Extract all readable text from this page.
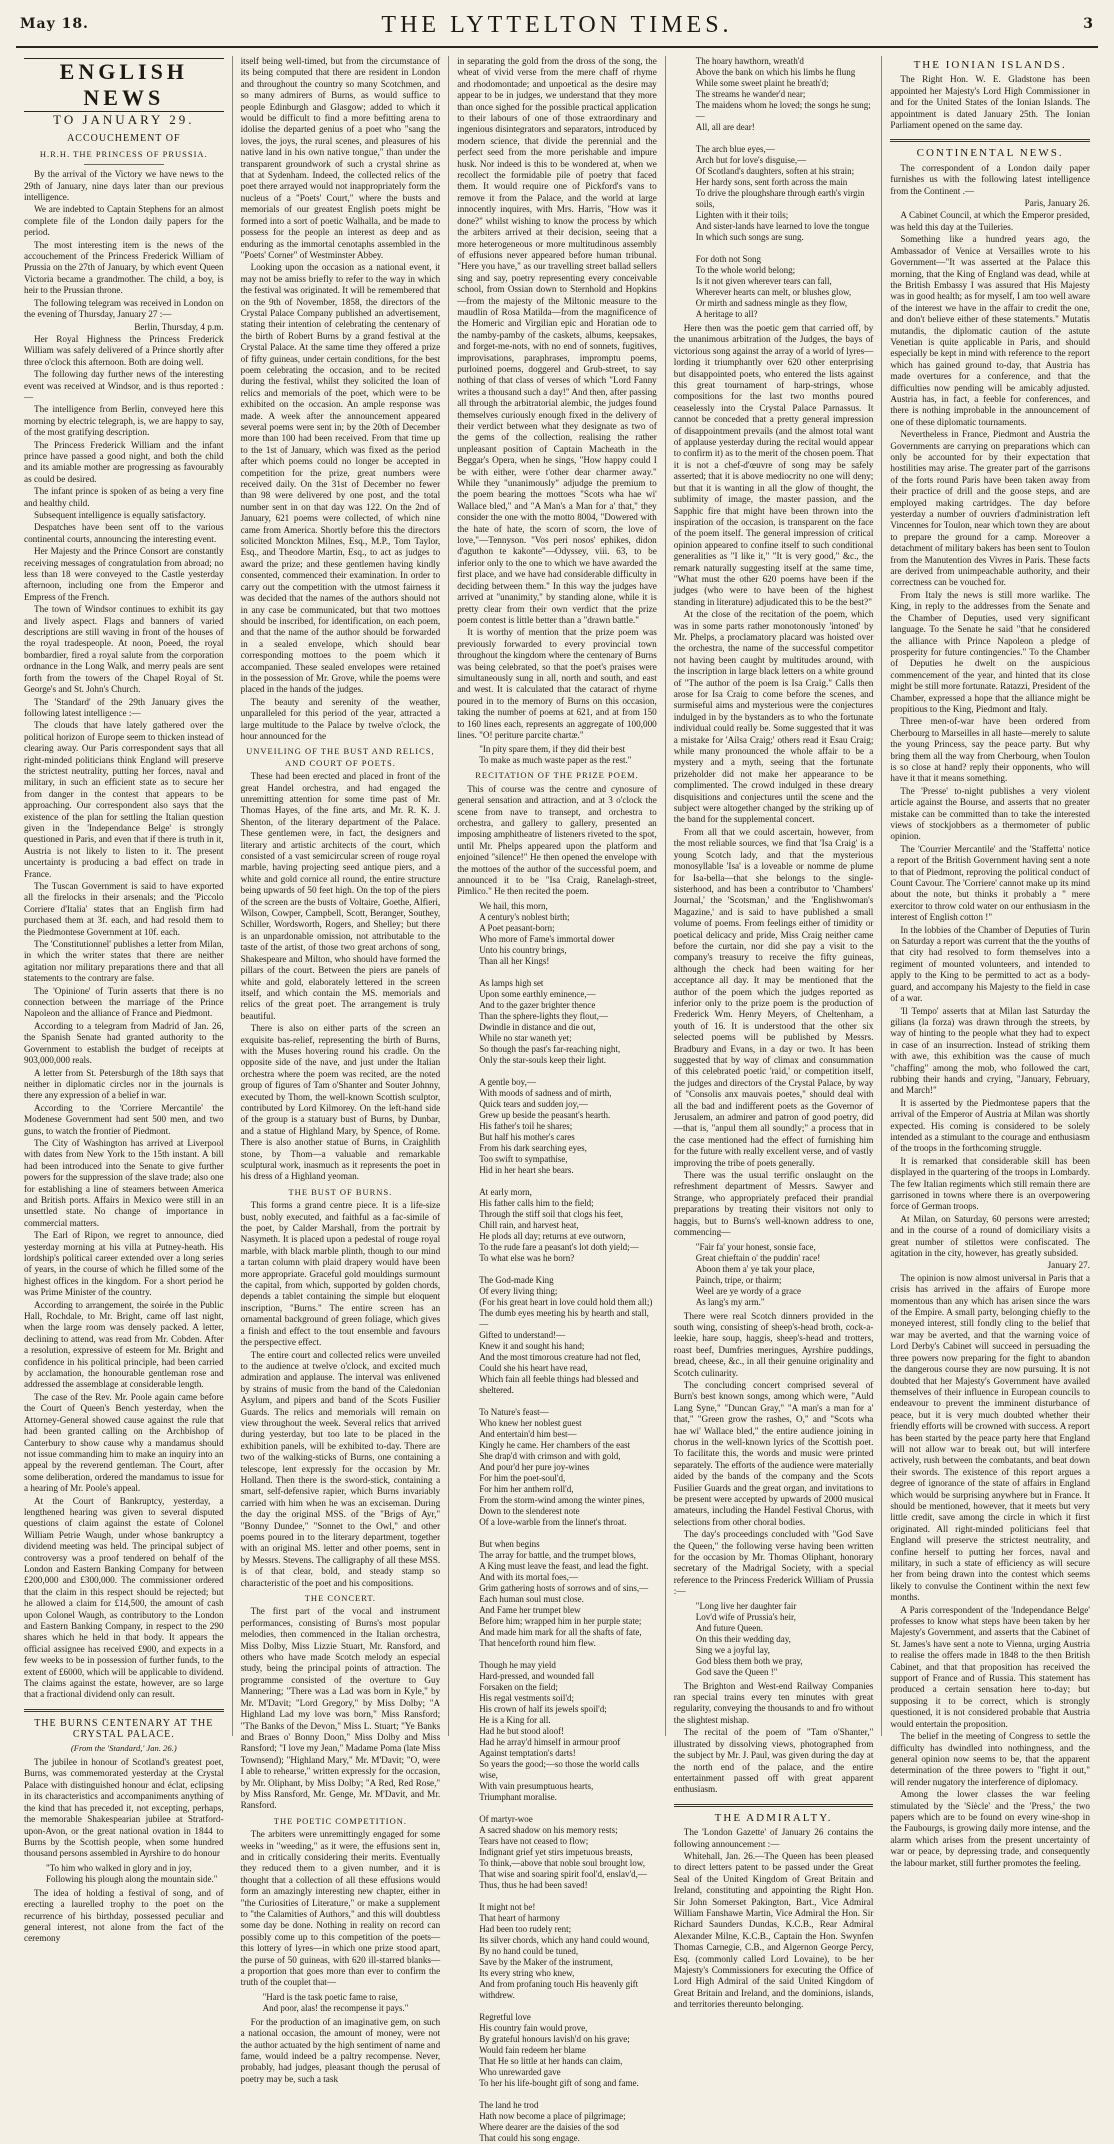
May 18.	THE LYTTELTON TIMES.	3
ENGLISH NEWS
TO JANUARY 29.
ACCOUCHEMENT OF
H.R.H. THE PRINCESS OF PRUSSIA.

By the arrival of the Victory we have news to the 29th of January, nine days later than our previous intelligence.

We are indebted to Captain Stephens for an almost complete file of the London daily papers for the period.

The most interesting item is the news of the accouchement of the Princess Frederick William of Prussia on the 27th of January, by which event Queen Victoria became a grandmother. The child, a boy, is heir to the Prussian throne.

The following telegram was received in London on the evening of Thursday, January 27 :—

Berlin, Thursday, 4 p.m.

Her Royal Highness the Princess Frederick William was safely delivered of a Prince shortly after three o'clock this afternoon. Both are doing well.

The following day further news of the interesting event was received at Windsor, and is thus reported :—

The intelligence from Berlin, conveyed here this morning by electric telegraph, is, we are happy to say, of the most gratifying description.

The Princess Frederick William and the infant prince have passed a good night, and both the child and its amiable mother are progressing as favourably as could be desired.

The infant prince is spoken of as being a very fine and healthy child.

Subsequent intelligence is equally satisfactory.

Despatches have been sent off to the various continental courts, announcing the interesting event.

Her Majesty and the Prince Consort are constantly receiving messages of congratulation from abroad; no less than 18 were conveyed to the Castle yesterday afternoon, including one from the Emperor and Empress of the French.

The town of Windsor continues to exhibit its gay and lively aspect. Flags and banners of varied descriptions are still waving in front of the houses of the royal tradespeople. At noon, Poeed, the royal bombardier, fired a royal salute from the corporation ordnance in the Long Walk, and merry peals are sent forth from the towers of the Chapel Royal of St. George's and St. John's Church.

The 'Standard' of the 29th January gives the following latest intelligence :—

The clouds that have lately gathered over the political horizon of Europe seem to thicken instead of clearing away. Our Paris correspondent says that all right-minded politicians think England will preserve the strictest neutrality, putting her forces, naval and military, in such an efficient state as to secure her from danger in the contest that appears to be approaching. Our correspondent also says that the existence of the plan for settling the Italian question given in the 'Independance Belge' is strongly questioned in Paris, and even that if there is truth in it, Austria is not likely to listen to it. The present uncertainty is producing a bad effect on trade in France.

The Tuscan Government is said to have exported all the firelocks in their arsenals; and the 'Piccolo Corriere d'Italia' states that an English firm had purchased them at 3f. each, and had resold them to the Piedmontese Government at 10f. each.

The 'Constitutionnel' publishes a letter from Milan, in which the writer states that there are neither agitation nor military preparations there and that all statements to the contrary are false.

The 'Opinione' of Turin asserts that there is no connection between the marriage of the Prince Napoleon and the alliance of France and Piedmont.

According to a telegram from Madrid of Jan. 26, the Spanish Senate had granted authority to the Government to establish the budget of receipts at 903,000,000 reals.

A letter from St. Petersburgh of the 18th says that neither in diplomatic circles nor in the journals is there any expression of a belief in war.

According to the 'Corriere Mercantile' the Modenese Government had sent 500 men, and two guns, to watch the frontier of Piedmont.

The City of Washington has arrived at Liverpool with dates from New York to the 15th instant. A bill had been introduced into the Senate to give further powers for the suppression of the slave trade; also one for establishing a line of steamers between America and British ports. Affairs in Mexico were still in an unsettled state. No change of importance in commercial matters.

The Earl of Ripon, we regret to announce, died yesterday morning at his villa at Putney-heath. His lordship's political career extended over a long series of years, in the course of which he filled some of the highest offices in the kingdom. For a short period he was Prime Minister of the country.

According to arrangement, the soirée in the Public Hall, Rochdale, to Mr. Bright, came off last night, when the large room was densely packed. A letter, declining to attend, was read from Mr. Cobden. After a resolution, expressive of esteem for Mr. Bright and confidence in his political principle, had been carried by acclamation, the honourable gentleman rose and addressed the assemblage at considerable length.

The case of the Rev. Mr. Poole again came before the Court of Queen's Bench yesterday, when the Attorney-General showed cause against the rule that had been granted calling on the Archbishop of Canterbury to show cause why a mandamus should not issue commanding him to make an inquiry into an appeal by the reverend gentleman. The Court, after some deliberation, ordered the mandamus to issue for a hearing of Mr. Poole's appeal.

At the Court of Bankruptcy, yesterday, a lengthened hearing was given to several disputed questions of claim against the estate of Colonel William Petrie Waugh, under whose bankruptcy a dividend meeting was held. The principal subject of controversy was a proof tendered on behalf of the London and Eastern Banking Company for between £200,000 and £300,000. The commissioner ordered that the claim in this respect should be rejected; but he allowed a claim for £14,500, the amount of cash upon Colonel Waugh, as contributory to the London and Eastern Banking Company, in respect to the 290 shares which he held in that body. It appears the official assignee has received £900, and expects in a few weeks to be in possession of further funds, to the extent of £6000, which will be applicable to dividend. The claims against the estate, however, are so large that a fractional dividend only can result.

THE BURNS CENTENARY AT THE CRYSTAL PALACE.
(From the 'Standard,' Jan. 26.)

The jubilee in honour of Scotland's greatest poet, Burns, was commemorated yesterday at the Crystal Palace with distinguished honour and éclat, eclipsing in its characteristics and accompaniments anything of the kind that has preceded it, not excepting, perhaps, the memorable Shakespearian jubilee at Stratford-upon-Avon, or the great national ovation in 1844 to Burns by the Scottish people, when some hundred thousand persons assembled in Ayrshire to do honour

"To him who walked in glory and in joy,
Following his plough along the mountain side."

The idea of holding a festival of song, and of erecting a laurelled trophy to the poet on the recurrence of his birthday, possessed peculiar and general interest, not alone from the fact of the ceremony

itself being well-timed, but from the circumstance of its being computed that there are resident in London and throughout the country so many Scotchmen, and so many admirers of Burns, as would suffice to people Edinburgh and Glasgow; added to which it would be difficult to find a more befitting arena to idolise the departed genius of a poet who "sang the loves, the joys, the rural scenes, and pleasures of his native land in his own native tongue," than under the transparent groundwork of such a crystal shrine as that at Sydenham. Indeed, the collected relics of the poet there arrayed would not inappropriately form the nucleus of a "Poets' Court," where the busts and memorials of our greatest English poets might be formed into a sort of poetic Walhalla, and be made to possess for the people an interest as deep and as enduring as the immortal cenotaphs assembled in the "Poets' Corner" of Westminster Abbey.

Looking upon the occasion as a national event, it may not be amiss briefly to refer to the way in which the festival was originated. It will be remembered that on the 9th of November, 1858, the directors of the Crystal Palace Company published an advertisement, stating their intention of celebrating the centenary of the birth of Robert Burns by a grand festival at the Crystal Palace. At the same time they offered a prize of fifty guineas, under certain conditions, for the best poem celebrating the occasion, and to be recited during the festival, whilst they solicited the loan of relics and memorials of the poet, which were to be exhibited on the occasion. An ample response was made. A week after the announcement appeared several poems were sent in; by the 20th of December more than 100 had been received. From that time up to the 1st of January, which was fixed as the period after which poems could no longer be accepted in competition for the prize, great numbers were received daily. On the 31st of December no fewer than 98 were delivered by one post, and the total number sent in on that day was 122. On the 2nd of January, 621 poems were collected, of which nine came from America. Shortly before this the directors solicited Monckton Milnes, Esq., M.P., Tom Taylor, Esq., and Theodore Martin, Esq., to act as judges to award the prize; and these gentlemen having kindly consented, commenced their examination. In order to carry out the competition with the utmost fairness it was decided that the names of the authors should not in any case be communicated, but that two mottoes should be inscribed, for identification, on each poem, and that the name of the author should be forwarded in a sealed envelope, which should bear corresponding mottoes to the poem which it accompanied. These sealed envelopes were retained in the possession of Mr. Grove, while the poems were placed in the hands of the judges.

The beauty and serenity of the weather, unparalleled for this period of the year, attracted a large multitude to the Palace by twelve o'clock, the hour announced for the

UNVEILING OF THE BUST AND RELICS, AND COURT OF POETS.

These had been erected and placed in front of the great Handel orchestra, and had engaged the unremitting attention for some time past of Mr. Thomas Hayes, of the fine arts, and Mr. R. K. J. Shenton, of the literary department of the Palace. These gentlemen were, in fact, the designers and literary and artistic architects of the court, which consisted of a vast semicircular screen of rouge royal marble, having projecting seed antique piers, and a white and gold cornice all round, the entire structure being upwards of 50 feet high. On the top of the piers of the screen are the busts of Voltaire, Goethe, Alfieri, Wilson, Cowper, Campbell, Scott, Beranger, Southey, Schiller, Wordsworth, Rogers, and Shelley; but there is an unpardonable omission, not attributable to the taste of the artist, of those two great archons of song, Shakespeare and Milton, who should have formed the pillars of the court. Between the piers are panels of white and gold, elaborately lettered in the screen itself, and which contain the MS. memorials and relics of the great poet. The arrangement is truly beautiful.

There is also on either parts of the screen an exquisite bas-relief, representing the birth of Burns, with the Muses hovering round his cradle. On the opposite side of the nave, and just under the Italian orchestra where the poem was recited, are the noted group of figures of Tam o'Shanter and Souter Johnny, executed by Thom, the well-known Scottish sculptor, contributed by Lord Kilmorey. On the left-hand side of the group is a statuary bust of Burns, by Dunbar, and a statue of Highland Mary, by Spence, of Rome. There is also another statue of Burns, in Craighlith stone, by Thom—a valuable and remarkable sculptural work, inasmuch as it represents the poet in his dress of a Highland yeoman.

THE BUST OF BURNS.

This forms a grand centre piece. It is a life-size bust, nobly executed, and faithful as a fac-simile of the poet, by Calder Marshall, from the portrait by Nasymeth. It is placed upon a pedestal of rouge royal marble, with black marble plinth, though to our mind a tartan column with plaid drapery would have been more appropriate. Graceful gold mouldings surmount the capital, from which, supported by golden chords, depends a tablet containing the simple but eloquent inscription, "Burns." The entire screen has an ornamental background of green foliage, which gives a finish and effect to the tout ensemble and favours the perspective effect.

The entire court and collected relics were unveiled to the audience at twelve o'clock, and excited much admiration and applause. The interval was enlivened by strains of music from the band of the Caledonian Asylum, and pipers and band of the Scots Fusilier Guards. The relics and memorials will remain on view throughout the week. Several relics that arrived during yesterday, but too late to be placed in the exhibition panels, will be exhibited to-day. There are two of the walking-sticks of Burns, one containing a telescope, lent expressly for the occasion by Mr. Holland. Then there is the sword-stick, containing a smart, self-defensive rapier, which Burns invariably carried with him when he was an exciseman. During the day the original MSS. of the "Brigs of Ayr," "Bonny Dundee," "Sonnet to the Owl," and other poems poured in to the literary department, together with an original MS. letter and other poems, sent in by Messrs. Stevens. The calligraphy of all these MSS. is of that clear, bold, and steady stamp so characteristic of the poet and his compositions.

THE CONCERT.

The first part of the vocal and instrument performances, consisting of Burns's most popular melodies, then commenced in the Italian orchestra, Miss Dolby, Miss Lizzie Stuart, Mr. Ransford, and others who have made Scotch melody an especial study, being the principal points of attraction. The programme consisted of the overture to Guy Mannering; "There was a Lad was born in Kyle," by Mr. M'Davit; "Lord Gregory," by Miss Dolby; "A Highland Lad my love was born," Miss Ransford; "The Banks of the Devon," Miss L. Stuart; "Ye Banks and Braes o' Bonny Doon," Miss Dolby and Miss Ransford; "I love my Jean," Madame Poma (late Miss Townsend); "Highland Mary," Mr. M'Davit; "O, were I able to rehearse," written expressly for the occasion, by Mr. Oliphant, by Miss Dolby; "A Red, Red Rose," by Miss Ransford, Mr. Genge, Mr. M'Davit, and Mr. Ransford.

THE POETIC COMPETITION.

The arbiters were unremittingly engaged for some weeks in "weeding," as it were, the effusions sent in, and in critically considering their merits. Eventually they reduced them to a given number, and it is thought that a collection of all these effusions would form an amazingly interesting new chapter, either in "the Curiosities of Literature," or make a supplement to "the Calamities of Authors," and this will doubtless some day be done. Nothing in reality on record can possibly come up to this competition of the poets—this lottery of lyres—in which one prize stood apart, the purse of 50 guineas, with 620 ill-starred blanks—a proportion that goes more than ever to confirm the truth of the couplet that—

"Hard is the task poetic fame to raise,
And poor, alas! the recompense it pays."

For the production of an imaginative gem, on such a national occasion, the amount of money, were not the author actuated by the high sentiment of name and fame, would indeed be a paltry recompense. Never, probably, had judges, pleasant though the perusal of poetry may be, such a task

in separating the gold from the dross of the song, the wheat of vivid verse from the mere chaff of rhyme and rhodomontade; and unpoetical as the desire may appear to be in judges, we understand that they more than once sighed for the possible practical application to their labours of one of those extraordinary and ingenious disintegrators and separators, introduced by modern science, that divide the perennial and the perfect seed from the more perishable and impure husk. Nor indeed is this to be wondered at, when we recollect the formidable pile of poetry that faced them. It would require one of Pickford's vans to remove it from the Palace, and the world at large innocently inquires, with Mrs. Harris, "How was it done?" whilst wishing to know the process by which the arbiters arrived at their decision, seeing that a more heterogeneous or more multitudinous assembly of effusions never appeared before human tribunal. "Here you have," as our travelling street ballad sellers sing and say, poetry representing every conceivable school, from Ossian down to Sternhold and Hopkins—from the majesty of the Miltonic measure to the maudlin of Rosa Matilda—from the magnificence of the Homeric and Virgilian epic and Horatian ode to the namby-pamby of the caskets, albums, keepsakes, and forget-me-nots, with no end of sonnets, fugitives, improvisations, paraphrases, impromptu poems, purloined poems, doggerel and Grub-street, to say nothing of that class of verses of which "Lord Fanny writes a thousand such a day!" And then, after passing all through the arbitratorial alembic, the judges found themselves curiously enough fixed in the delivery of their verdict between what they designate as two of the gems of the collection, realising the rather unpleasant position of Captain Macheath in the Beggar's Opera, when he sings, "How happy could I be with either, were t'other dear charmer away." While they "unanimously" adjudge the premium to the poem bearing the mottoes "Scots wha hae wi' Wallace bled," and "A Man's a Man for a' that," they consider the one with the motto 8004, "Dowered with the hate of hate, the scorn of scorn, the love of love,"—Tennyson. "Vos peri nosos' ephikes, didon d'aguthon te kakonte"—Odyssey, viii. 63, to be inferior only to the one to which we have awarded the first place, and we have had considerable difficulty in deciding between them." In this way the judges have arrived at "unanimity," by standing alone, while it is pretty clear from their own verdict that the prize poem contest is little better than a "drawn battle."

It is worthy of mention that the prize poem was previously forwarded to every provincial town throughout the kingdom where the centenary of Burns was being celebrated, so that the poet's praises were simultaneously sung in all, north and south, and east and west. It is calculated that the cataract of rhyme poured in to the memory of Burns on this occasion, taking the number of poems at 621, and at from 150 to 160 lines each, represents an aggregate of 100,000 lines. "O! periture parcite chartæ."

"In pity spare them, if they did their best
To make as much waste paper as the rest."
RECITATION OF THE PRIZE POEM.

This of course was the centre and cynosure of general sensation and attraction, and at 3 o'clock the scene from nave to transept, and orchestra to orchestra, and gallery to gallery, presented an imposing amphitheatre of listeners riveted to the spot, until Mr. Phelps appeared upon the platform and enjoined "silence!" He then opened the envelope with the mottoes of the author of the successful poem, and announced it to be "Isa Craig, Ranelagh-street, Pimlico." He then recited the poem.

We hail, this morn,
A century's noblest birth;
A Poet peasant-born;
Who more of Fame's immortal dower
Unto his country brings,
Than all her Kings!

As lamps high set
Upon some earthly eminence,—
And to the gazer brighter thence
Than the sphere-lights they flout,—
Dwindle in distance and die out,
While no star waneth yet;
So though the past's far-reaching night,
Only the star-souls keep their light.

A gentle boy,—
With moods of sadness and of mirth,
Quick tears and sudden joy,—
Grew up beside the peasant's hearth.
His father's toil he shares;
But half his mother's cares
From his dark searching eyes,
Too swift to sympathise,
Hid in her heart she bears.

At early morn,
His father calls him to the field;
Through the stiff soil that clogs his feet,
Chill rain, and harvest heat,
He plods all day; returns at eve outworn,
To the rude fare a peasant's lot doth yield;—
To what else was he born?

The God-made King
Of every living thing;
(For his great heart in love could hold them all;)
The dumb eyes meeting his by hearth and stall,—
Gifted to understand!—
Knew it and sought his hand;
And the most timorous creature had not fled,
Could she his heart have read,
Which fain all feeble things had blessed and sheltered.

To Nature's feast—
Who knew her noblest guest
And entertain'd him best—
Kingly he came. Her chambers of the east
She drap'd with crimson and with gold,
And pour'd her pure joy-wines
For him the poet-soul'd,
For him her anthem roll'd,
From the storm-wind among the winter pines,
Down to the slenderest note
Of a love-warble from the linnet's throat.

But when begins
The array for battle, and the trumpet blows,
A King must leave the feast, and lead the fight.
And with its mortal foes,—
Grim gathering hosts of sorrows and of sins,—
Each human soul must close.
And Fame her trumpet blew
Before him; wrapped him in her purple state;
And made him mark for all the shafts of fate,
That henceforth round him flew.

Though he may yield
Hard-pressed, and wounded fall
Forsaken on the field;
His regal vestments soil'd;
His crown of half its jewels spoil'd;
He is a King for all.
Had he but stood aloof!
Had he array'd himself in armour proof
Against temptation's darts!
So years the good;—so those the world calls wise,
With vain presumptuous hearts,
Triumphant moralise.

Of martyr-woe
A sacred shadow on his memory rests;
Tears have not ceased to flow;
Indignant grief yet stirs impetuous breasts,
To think,—above that noble soul brought low,
That wise and soaring spirit fool'd, enslav'd,—
Thus, thus he had been saved!

It might not be!
That heart of harmony
Had been too rudely rent;
Its silver chords, which any hand could wound,
By no hand could be tuned,
Save by the Maker of the instrument,
Its every string who knew,
And from profaning touch His heavenly gift
withdrew.

Regretful love
His country fain would prove,
By grateful honours lavish'd on his grave;
Would fain redeem her blame
That He so little at her hands can claim,
Who unrewarded gave
To her his life-bought gift of song and fame.

The land he trod
Hath now become a place of pilgrimage;
Where dearer are the daisies of the sod
That could his song engage.
The hoary hawthorn, wreath'd
Above the bank on which his limbs he flung
While some sweet plaint he breath'd;
The streams he wander'd near;
The maidens whom he loved; the songs he sung;—
All, all are dear!

The arch blue eyes,—
Arch but for love's disguise,—
Of Scotland's daughters, soften at his strain;
Her hardy sons, sent forth across the main
To drive the ploughshare through earth's virgin soils,
Lighten with it their toils;
And sister-lands have learned to love the tongue
In which such songs are sung.

For doth not Song
To the whole world belong;
Is it not given wherever tears can fall,
Wherever hearts can melt, or blushes glow,
Or mirth and sadness mingle as they flow,
A heritage to all?

Here then was the poetic gem that carried off, by the unanimous arbitration of the Judges, the bays of victorious song against the array of a world of lyres—lording it triumphantly over 620 other enterprising but disappointed poets, who entered the lists against this great tournament of harp-strings, whose compositions for the last two months poured ceaselessly into the Crystal Palace Parnassus. It cannot be conceded that a pretty general impression of disappointment prevails (and the almost total want of applause yesterday during the recital would appear to confirm it) as to the merit of the chosen poem. That it is not a chef-d'œuvre of song may be safely asserted; that it is above mediocrity no one will deny; but that it is wanting in all the glow of thought, the sublimity of image, the master passion, and the Sapphic fire that might have been thrown into the inspiration of the occasion, is transparent on the face of the poem itself. The general impression of critical opinion appeared to confine itself to such conditional generalities as "I like it," "It is very good," &c., the remark naturally suggesting itself at the same time, "What must the other 620 poems have been if the judges (who were to have been of the highest standing in literature) adjudicated this to be the best?"

At the close of the recitation of the poem, which was in some parts rather monotonously 'intoned' by Mr. Phelps, a proclamatory placard was hoisted over the orchestra, the name of the successful competitor not having been caught by multitudes around, with the inscription in large black letters on a white ground of "The author of the poem is Isa Craig." Calls then arose for Isa Craig to come before the scenes, and surmiseful aims and mysterious were the conjectures indulged in by the bystanders as to who the fortunate individual could really be. Some suggested that it was a mistake for 'Ailsa Craig;' others read it Esau Craig; while many pronounced the whole affair to be a mystery and a myth, seeing that the fortunate prizeholder did not make her appearance to be complimented. The crowd indulged in these dreary disquisitions and conjectures until the scene and the subject were altogether changed by the striking up of the band for the supplemental concert.

From all that we could ascertain, however, from the most reliable sources, we find that 'Isa Craig' is a young Scotch lady, and that the mysterious monosyllable 'Isa' is a loveable or nomme de plume for Isa-bella—that she belongs to the single-sisterhood, and has been a contributor to 'Chambers' Journal,' the 'Scotsman,' and the 'Englishwoman's Magazine,' and is said to have published a small volume of poems. From feelings either of timidity or poetical delicacy and pride, Miss Craig neither came before the curtain, nor did she pay a visit to the company's treasury to receive the fifty guineas, although the check had been waiting for her acceptance all day. It may be mentioned that the author of the poem which the judges reported as inferior only to the prize poem is the production of Frederick Wm. Henry Meyers, of Cheltenham, a youth of 16. It is understood that the other six selected poems will be published by Messrs. Bradbury and Evans, in a day or two. It has been suggested that by way of climax and consummation of this celebrated poetic 'raid,' or competition itself, the judges and directors of the Crystal Palace, by way of "Consolis anx mauvais poetes," should deal with all the bad and indifferent poets as the Governor of Jerusalem, an admirer and patron of good poetry, did—that is, "anpul them all soundly;" a process that in the case mentioned had the effect of furnishing him for the future with really excellent verse, and of vastly improving the tribe of poets generally.

There was the usual terrific onslaught on the refreshment department of Messrs. Sawyer and Strange, who appropriately prefaced their prandial preparations by treating their visitors not only to haggis, but to Burns's well-known address to one, commencing—

"Fair fa' your honest, sonsie face,
Great chieftain o' the puddin' race!
Aboon them a' ye tak your place,
Painch, tripe, or thairm;
Weel are ye wordy of a grace
As lang's my arm."

There were real Scotch dinners provided in the south wing, consisting of sheep's-head broth, cock-a-leekie, hare soup, haggis, sheep's-head and trotters, roast beef, Dumfries meringues, Ayrshire puddings, bread, cheese, &c., in all their genuine originality and Scotch culinarity.

The concluding concert comprised several of Burn's best known songs, among which were, "Auld Lang Syne," "Duncan Gray," "A man's a man for a' that," "Green grow the rashes, O," and "Scots wha hae wi' Wallace bled," the entire audience joining in chorus in the well-known lyrics of the Scottish poet. To facilitate this, the words and music were printed separately. The efforts of the audience were materially aided by the bands of the company and the Scots Fusilier Guards and the great organ, and invitations to be present were accepted by upwards of 2000 musical amateurs, including the Handel Festival Chorus, with selections from other choral bodies.

The day's proceedings concluded with "God Save the Queen," the following verse having been written for the occasion by Mr. Thomas Oliphant, honorary secretary of the Madrigal Society, with a special reference to the Princess Frederick William of Prussia :—

"Long live her daughter fair
Lov'd wife of Prussia's heir,
And future Queen.
On this their wedding day,
Sing we a joyful lay,
God bless them both we pray,
God save the Queen !"

The Brighton and West-end Railway Companies ran special trains every ten minutes with great regularity, conveying the thousands to and fro without the slightest mishap.

The recital of the poem of "Tam o'Shanter," illustrated by dissolving views, photographed from the subject by Mr. J. Paul, was given during the day at the north end of the palace, and the entire entertainment passed off with great apparent enthusiasm.

THE ADMIRALTY.

The 'London Gazette' of January 26 contains the following announcement :—

Whitehall, Jan. 26.—The Queen has been pleased to direct letters patent to be passed under the Great Seal of the United Kingdom of Great Britain and Ireland, constituting and appointing the Right Hon. Sir John Somerset Pakington, Bart., Vice Admiral William Fanshawe Martin, Vice Admiral the Hon. Sir Richard Saunders Dundas, K.C.B., Rear Admiral Alexander Milne, K.C.B., Captain the Hon. Swynfen Thomas Carnegie, C.B., and Algernon George Percy, Esq. (commonly called Lord Lovaine), to be her Majesty's Commissioners for executing the Office of Lord High Admiral of the said United Kingdom of Great Britain and Ireland, and the dominions, islands, and territories thereunto belonging.

THE IONIAN ISLANDS.

The Right Hon. W. E. Gladstone has been appointed her Majesty's Lord High Commissioner in and for the United States of the Ionian Islands. The appointment is dated January 25th. The Ionian Parliament opened on the same day.

CONTINENTAL NEWS.

The correspondent of a London daily paper furnishes us with the following latest intelligence from the Continent .—

Paris, January 26.

A Cabinet Council, at which the Emperor presided, was held this day at the Tuileries.

Something like a hundred years ago, the Ambassador of Venice at Versailles wrote to his Government—"It was asserted at the Palace this morning, that the King of England was dead, while at the British Embassy I was assured that His Majesty was in good health; as for myself, I am too well aware of the interest we have in the affair to credit the one, and don't believe either of these statements." Mutatis mutandis, the diplomatic caution of the astute Venetian is quite applicable in Paris, and should especially be kept in mind with reference to the report which has gained ground to-day, that Austria has made overtures for a conference, and that the difficulties now pending will be amicably adjusted. Austria has, in fact, a feeble for conferences, and there is nothing improbable in the announcement of one of these diplomatic tournaments.

Nevertheless in France, Piedmont and Austria the Governments are carrying on preparations which can only be accounted for by their expectation that hostilities may arise. The greater part of the garrisons of the forts round Paris have been taken away from their practice of drill and the goose steps, and are employed making cartridges. The day before yesterday a number of ouvriers d'administration left Vincennes for Toulon, near which town they are about to prepare the ground for a camp. Moreover a detachment of military bakers has been sent to Toulon from the Manutention des Vivres in Paris. These facts are derived from unimpeachable authority, and their correctness can be vouched for.

From Italy the news is still more warlike. The King, in reply to the addresses from the Senate and the Chamber of Deputies, used very significant language. To the Senate he said "that he considered the alliance with Prince Napoleon a pledge of prosperity for future contingencies." To the Chamber of Deputies he dwelt on the auspicious commencement of the year, and hinted that its close might be still more fortunate. Ratazzi, President of the Chamber, expressed a hope that the alliance might be propitious to the King, Piedmont and Italy.

Three men-of-war have been ordered from Cherbourg to Marseilles in all haste—merely to salute the young Princess, say the peace party. But why bring them all the way from Cherbourg, when Toulon is so close at hand? reply their opponents, who will have it that it means something.

The 'Presse' to-night publishes a very violent article against the Bourse, and asserts that no greater mistake can be committed than to take the interested views of stockjobbers as a thermometer of public opinion.

The 'Courrier Mercantile' and the 'Staffetta' notice a report of the British Government having sent a note to that of Piedmont, reproving the political conduct of Count Cavour. The 'Corriere' cannot make up its mind about the note, but thinks it probably a " mere exercitor to throw cold water on our enthusiasm in the interest of English cotton !"

In the lobbies of the Chamber of Deputies of Turin on Saturday a report was current that the the youths of that city had resolved to form themselves into a regiment of mounted volunteers, and intended to apply to the King to be permitted to act as a body-guard, and accompany his Majesty to the field in case of a war.

'Il Tempo' asserts that at Milan last Saturday the gilians (la forza) was drawn through the streets, by way of hinting to the people what they had to expect in case of an insurrection. Instead of striking them with awe, this exhibition was the cause of much "chaffing" among the mob, who followed the cart, rubbing their hands and crying, "January, February, and March!"

It is asserted by the Piedmontese papers that the arrival of the Emperor of Austria at Milan was shortly expected. His coming is considered to be solely intended as a stimulant to the courage and enthusiasm of the troops in the forthcoming struggle.

It is remarked that considerable skill has been displayed in the quartering of the troops in Lombardy. The few Italian regiments which still remain there are garrisoned in towns where there is an overpowering force of German troops.

At Milan, on Saturday, 60 persons were arrested; and in the course of a round of domiciliary visits a great number of stilettos were confiscated. The agitation in the city, however, has greatly subsided.

January 27.

The opinion is now almost universal in Paris that a crisis has arrived in the affairs of Europe more momentous than any which has arisen since the wars of the Empire. A small party, belonging chiefly to the moneyed interest, still fondly cling to the belief that war may be averted, and that the warning voice of Lord Derby's Cabinet will succeed in persuading the three powers now preparing for the fight to abandon the dangerous course they are now pursuing. It is not doubted that her Majesty's Government have availed themselves of their influence in European councils to endeavour to prevent the imminent disturbance of peace, but it is very much doubted whether their friendly efforts will be crowned with success. A report has been started by the peace party here that England will not allow war to break out, but will interfere actively, rush between the combatants, and beat down their swords. The existence of this report argues a degree of ignorance of the state of affairs in England which would be surprising anywhere but in France. It should be mentioned, however, that it meets but very little credit, save among the circle in which it first originated. All right-minded politicians feel that England will preserve the strictest neutrality, and confine herself to putting her forces, naval and military, in such a state of efficiency as will secure her from being drawn into the contest which seems likely to convulse the Continent within the next few months.

A Paris correspondent of the 'Independance Belge' professes to know what steps have been taken by her Majesty's Government, and asserts that the Cabinet of St. James's have sent a note to Vienna, urging Austria to realise the offers made in 1848 to the then British Cabinet, and that that proposition has received the support of France and of Russia. This statement has produced a certain sensation here to-day; but supposing it to be correct, which is strongly questioned, it is not considered probable that Austria would entertain the proposition.

The belief in the meeting of Congress to settle the difficulty has dwindled into nothingness, and the general opinion now seems to be, that the apparent determination of the three powers to "fight it out," will render nugatory the interference of diplomacy.

Among the lower classes the war feeling stimulated by the 'Siècle' and the 'Press,' the two papers which are to be found on every wine-shop in the Faubourgs, is growing daily more intense, and the alarm which arises from the present uncertainty of war or peace, by depressing trade, and consequently the labour market, still further promotes the feeling.
